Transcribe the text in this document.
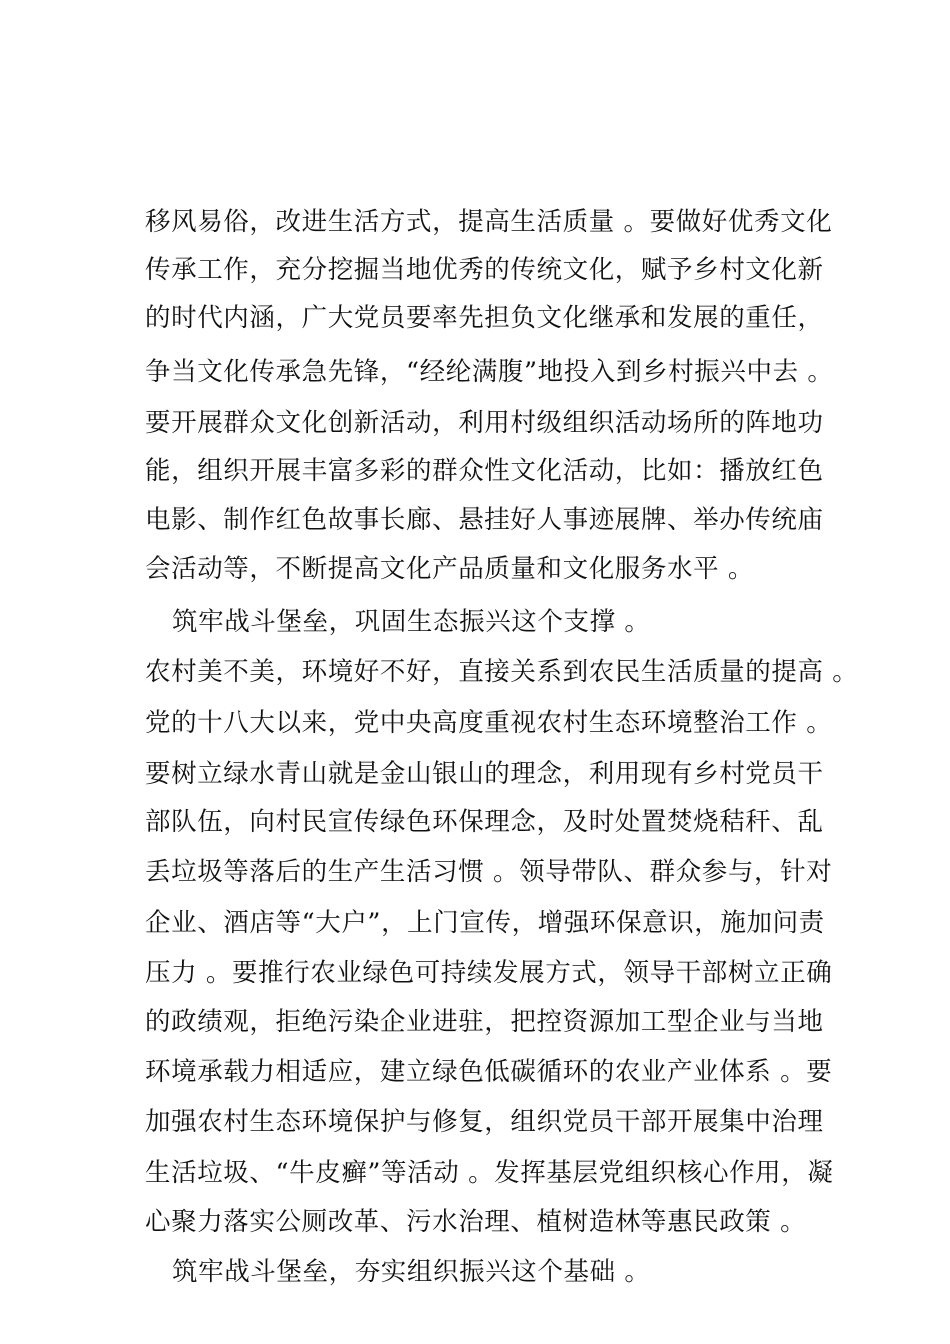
移风易俗，改进生活方式，提高生活质量 。要做好优秀文化
传承工作，充分挖掘当地优秀的传统文化，赋予乡村文化新
的时代内涵，广大党员要率先担负文化继承和发展的重任，
争当文化传承急先锋，“经纶满腹”地投入到乡村振兴中去 。
要开展群众文化创新活动，利用村级组织活动场所的阵地功
能，组织开展丰富多彩的群众性文化活动，比如：播放红色
电影、制作红色故事长廊、悬挂好人事迹展牌、举办传统庙
会活动等，不断提高文化产品质量和文化服务水平 。
筑牢战斗堡垒，巩固生态振兴这个支撑 。
农村美不美，环境好不好，直接关系到农民生活质量的提高 。
党的十八大以来，党中央高度重视农村生态环境整治工作 。
要树立绿水青山就是金山银山的理念，利用现有乡村党员干
部队伍，向村民宣传绿色环保理念，及时处置焚烧秸秆、乱
丢垃圾等落后的生产生活习惯 。领导带队、群众参与，针对
企业、酒店等“大户”，上门宣传，增强环保意识，施加问责
压力 。要推行农业绿色可持续发展方式，领导干部树立正确
的政绩观，拒绝污染企业进驻，把控资源加工型企业与当地
环境承载力相适应，建立绿色低碳循环的农业产业体系 。要
加强农村生态环境保护与修复，组织党员干部开展集中治理
生活垃圾、“牛皮癣”等活动 。发挥基层党组织核心作用，凝
心聚力落实公厕改革、污水治理、植树造林等惠民政策 。
筑牢战斗堡垒，夯实组织振兴这个基础 。
